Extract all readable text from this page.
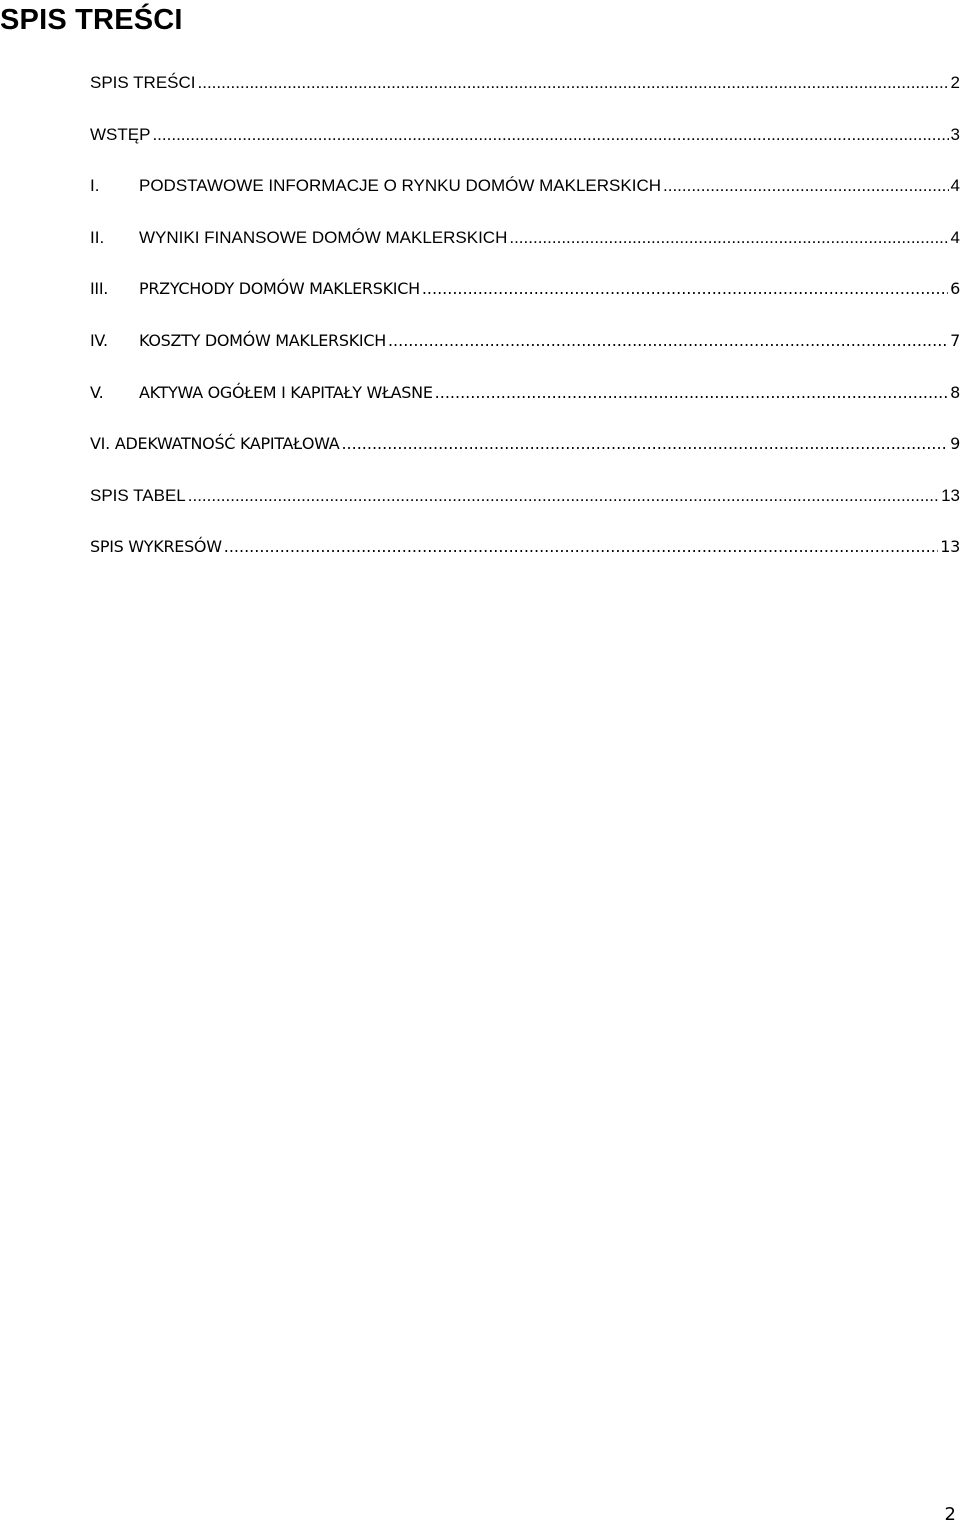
SPIS TREŚCI
SPIS TREŚCI .....	2
WSTĘP .....	3
I.	PODSTAWOWE INFORMACJE O RYNKU DOMÓW MAKLERSKICH .....	4
II.	WYNIKI FINANSOWE DOMÓW MAKLERSKICH .....	4
III.	PRZYCHODY DOMÓW MAKLERSKICH .....	6
IV.	KOSZTY DOMÓW MAKLERSKICH .....	7
V.	AKTYWA OGÓŁEM I KAPITAŁY WŁASNE .....	8
VI. ADEKWATNOŚĆ KAPITAŁOWA .....	9
SPIS TABEL .....	13
SPIS WYKRESÓW .....	13
2
